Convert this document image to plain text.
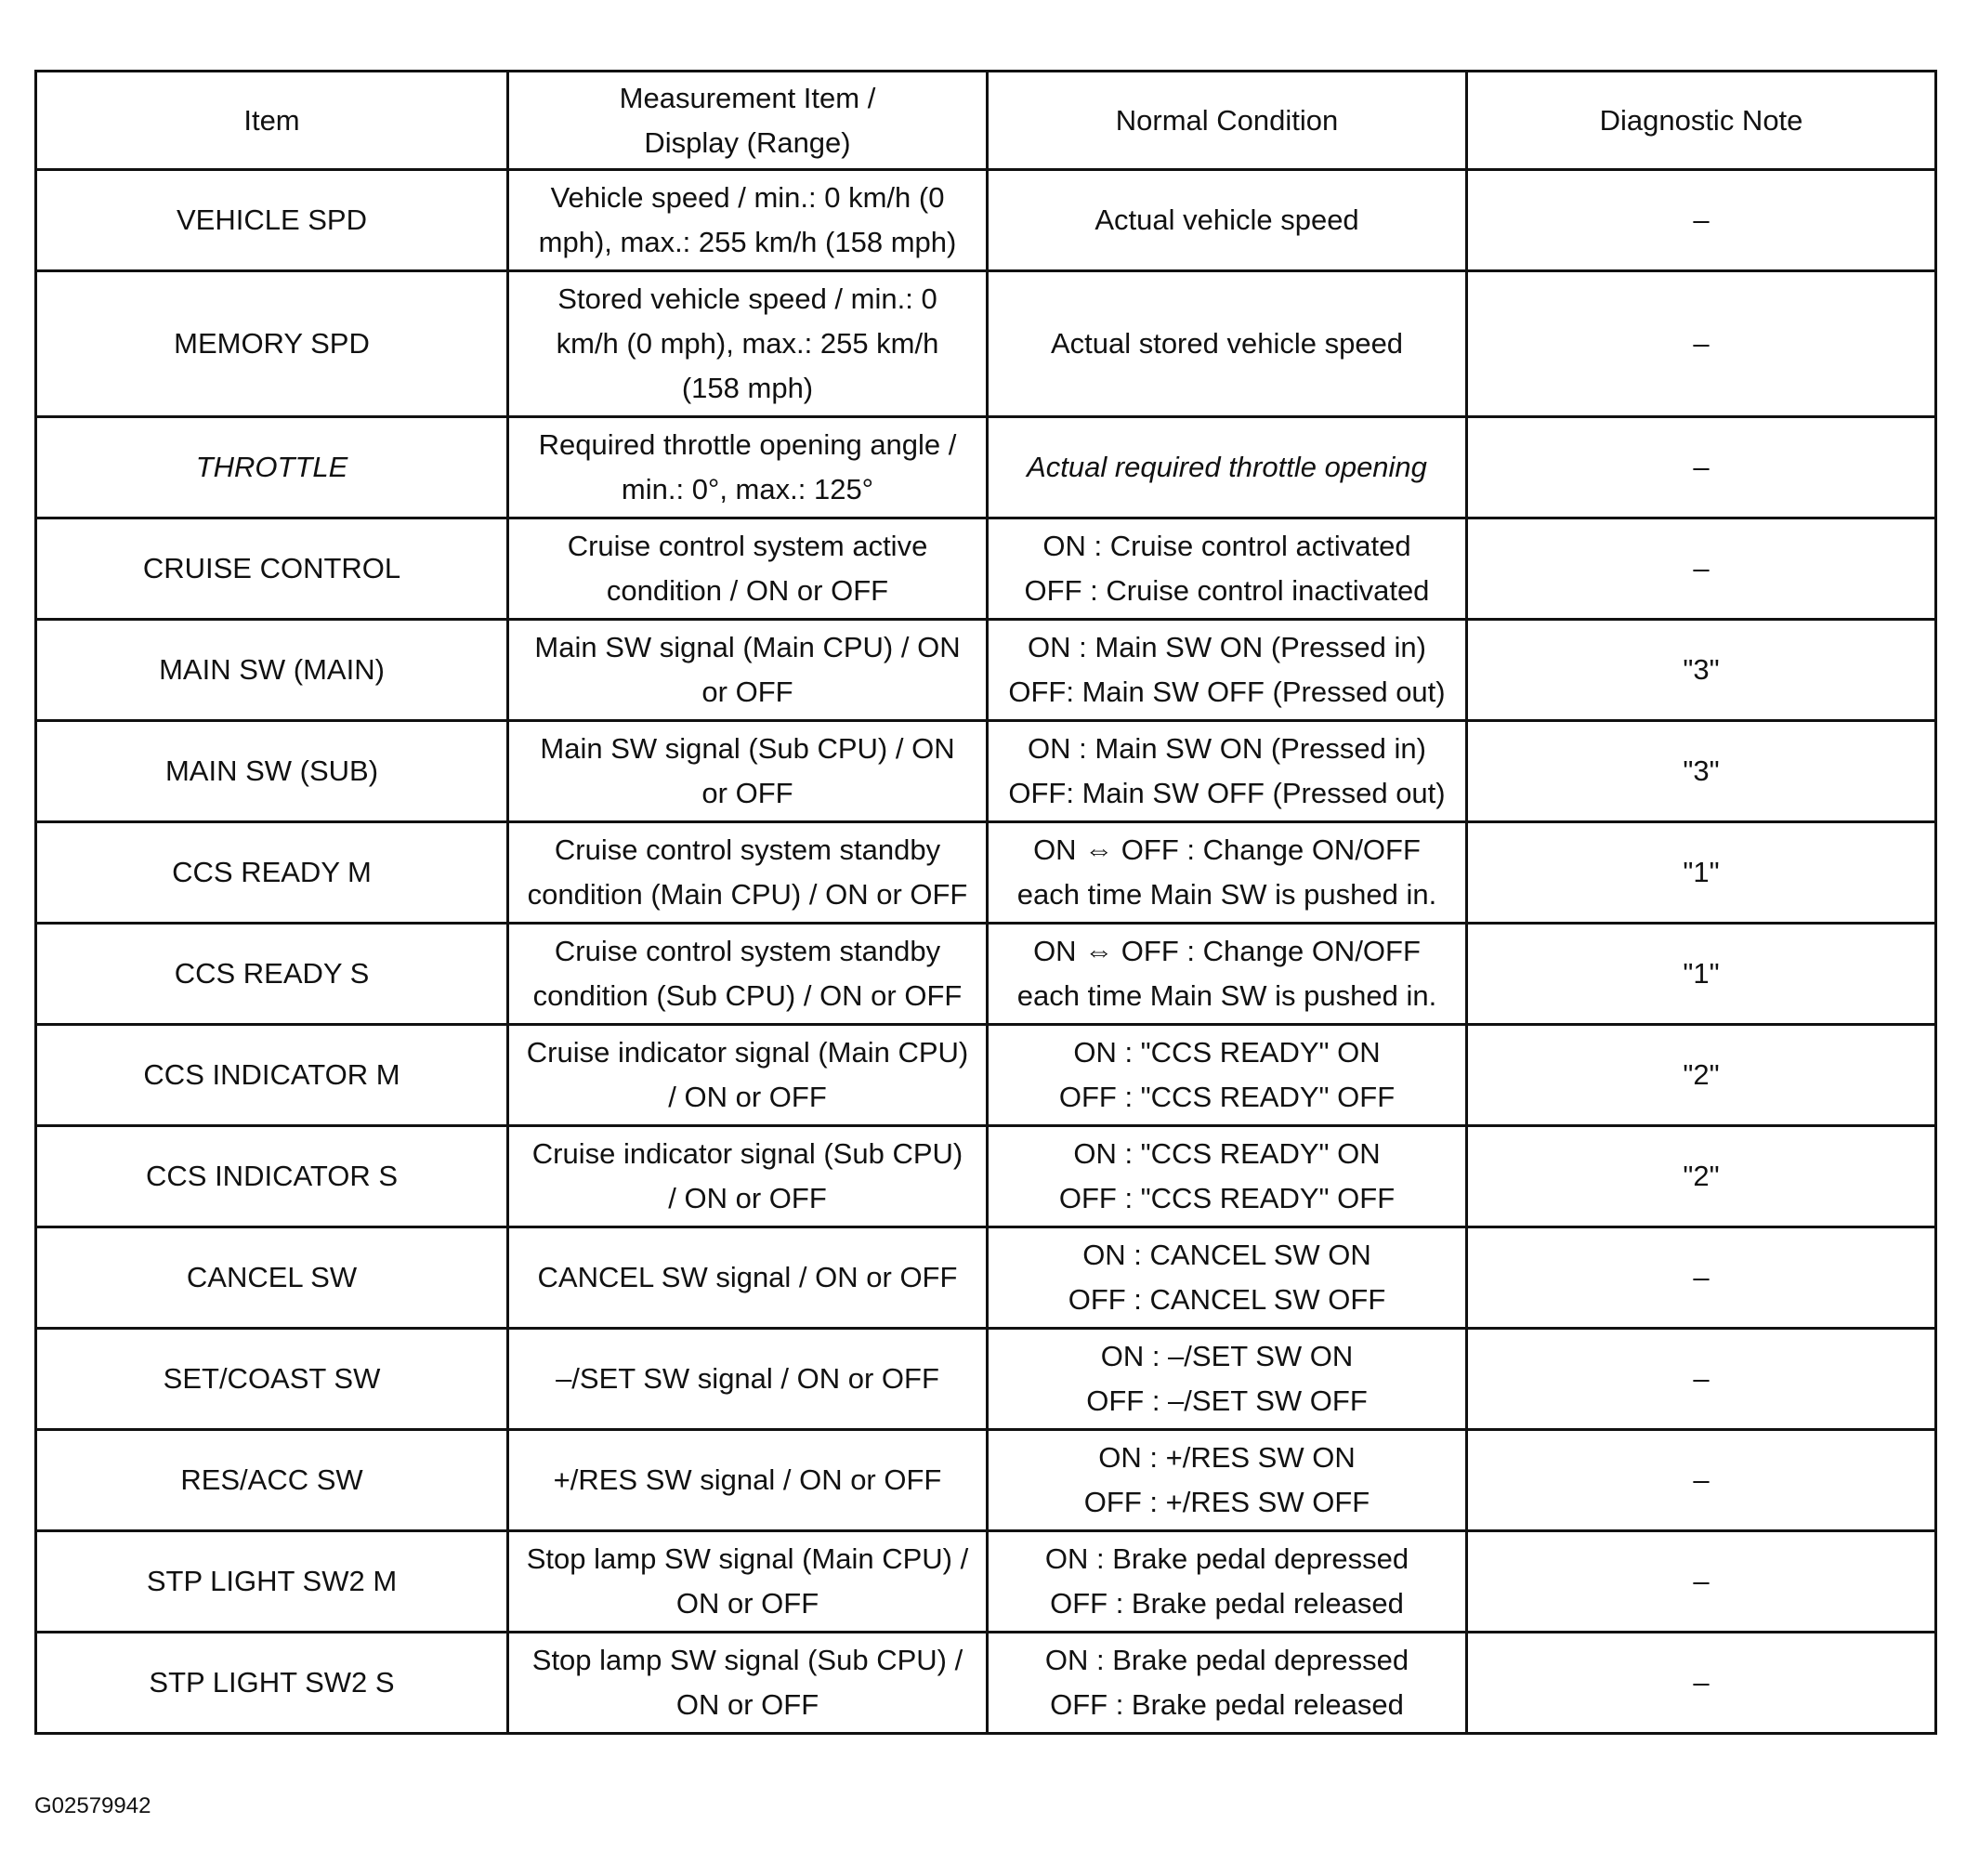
Item	Measurement Item /
Display (Range)	Normal Condition	Diagnostic Note
VEHICLE SPD	Vehicle speed / min.: 0 km/h (0
mph), max.: 255 km/h (158 mph)	Actual vehicle speed	–
MEMORY SPD	Stored vehicle speed / min.: 0
km/h (0 mph), max.: 255 km/h
(158 mph)	Actual stored vehicle speed	–
THROTTLE	Required throttle opening angle /
min.: 0°, max.: 125°	Actual required throttle opening	–
CRUISE CONTROL	Cruise control system active
condition / ON or OFF	ON : Cruise control activated
OFF : Cruise control inactivated	–
MAIN SW (MAIN)	Main SW signal (Main CPU) / ON
or OFF	ON : Main SW ON (Pressed in)
OFF: Main SW OFF (Pressed out)	"3"
MAIN SW (SUB)	Main SW signal (Sub CPU) / ON
or OFF	ON : Main SW ON (Pressed in)
OFF: Main SW OFF (Pressed out)	"3"
CCS READY M	Cruise control system standby
condition (Main CPU) / ON or OFF	ON ⇔ OFF : Change ON/OFF
each time Main SW is pushed in.	"1"
CCS READY S	Cruise control system standby
condition (Sub CPU) / ON or OFF	ON ⇔ OFF : Change ON/OFF
each time Main SW is pushed in.	"1"
CCS INDICATOR M	Cruise indicator signal (Main CPU)
/ ON or OFF	ON : "CCS READY" ON
OFF : "CCS READY" OFF	"2"
CCS INDICATOR S	Cruise indicator signal (Sub CPU)
/ ON or OFF	ON : "CCS READY" ON
OFF : "CCS READY" OFF	"2"
CANCEL SW	CANCEL SW signal / ON or OFF	ON : CANCEL SW ON
OFF : CANCEL SW OFF	–
SET/COAST SW	–/SET SW signal / ON or OFF	ON : –/SET SW ON
OFF : –/SET SW OFF	–
RES/ACC SW	+/RES SW signal / ON or OFF	ON : +/RES SW ON
OFF : +/RES SW OFF	–
STP LIGHT SW2 M	Stop lamp SW signal (Main CPU) /
ON or OFF	ON : Brake pedal depressed
OFF : Brake pedal released	–
STP LIGHT SW2 S	Stop lamp SW signal (Sub CPU) /
ON or OFF	ON : Brake pedal depressed
OFF : Brake pedal released	–
G02579942
